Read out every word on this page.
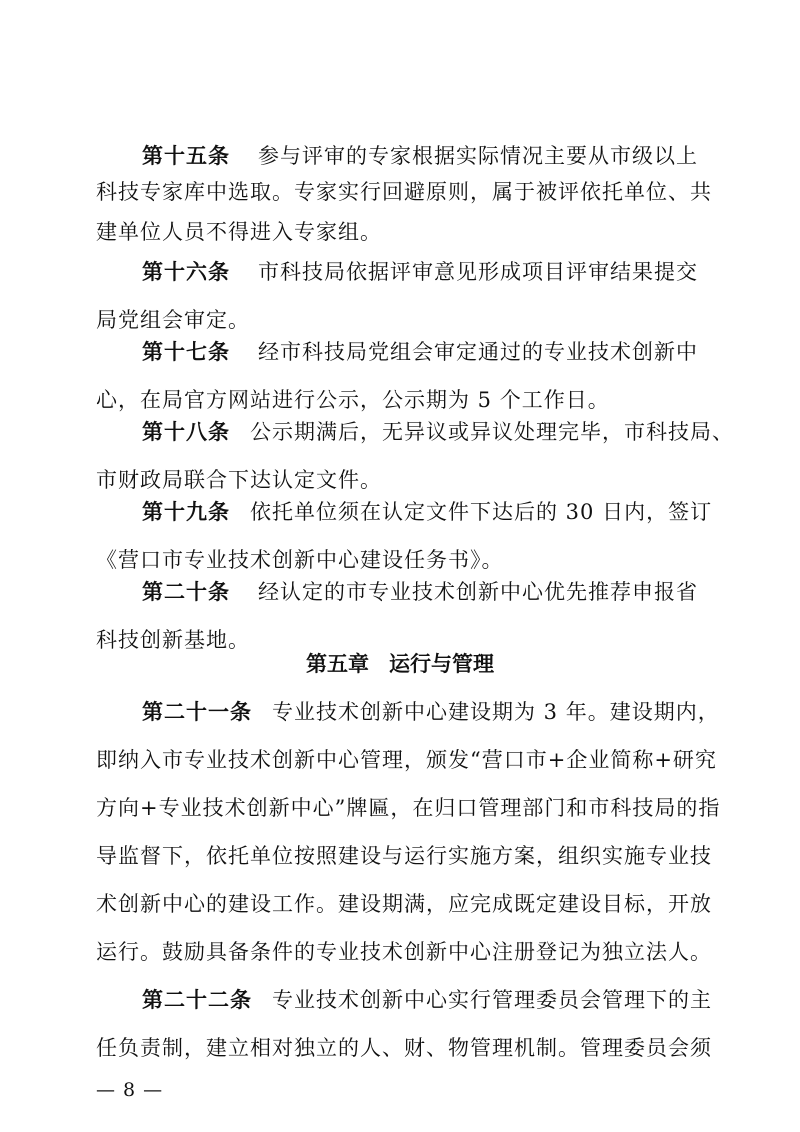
第十五条 参与评审的专家根据实际情况主要从市级以上
科技专家库中选取。专家实行回避原则，属于被评依托单位、共
建单位人员不得进入专家组。
第十六条 市科技局依据评审意见形成项目评审结果提交
局党组会审定。
第十七条 经市科技局党组会审定通过的专业技术创新中
心，在局官方网站进行公示，公示期为 5 个工作日。
第十八条 公示期满后，无异议或异议处理完毕，市科技局、
市财政局联合下达认定文件。
第十九条 依托单位须在认定文件下达后的 30 日内，签订
《营口市专业技术创新中心建设任务书》。
第二十条 经认定的市专业技术创新中心优先推荐申报省
科技创新基地。
第五章 运行与管理
第二十一条 专业技术创新中心建设期为 3 年。建设期内，
即纳入市专业技术创新中心管理，颁发“营口市+企业简称+研究
方向+专业技术创新中心”牌匾，在归口管理部门和市科技局的指
导监督下，依托单位按照建设与运行实施方案，组织实施专业技
术创新中心的建设工作。建设期满，应完成既定建设目标，开放
— 8 —
运行。鼓励具备条件的专业技术创新中心注册登记为独立法人。
第二十二条 专业技术创新中心实行管理委员会管理下的主
任负责制，建立相对独立的人、财、物管理机制。管理委员会须
